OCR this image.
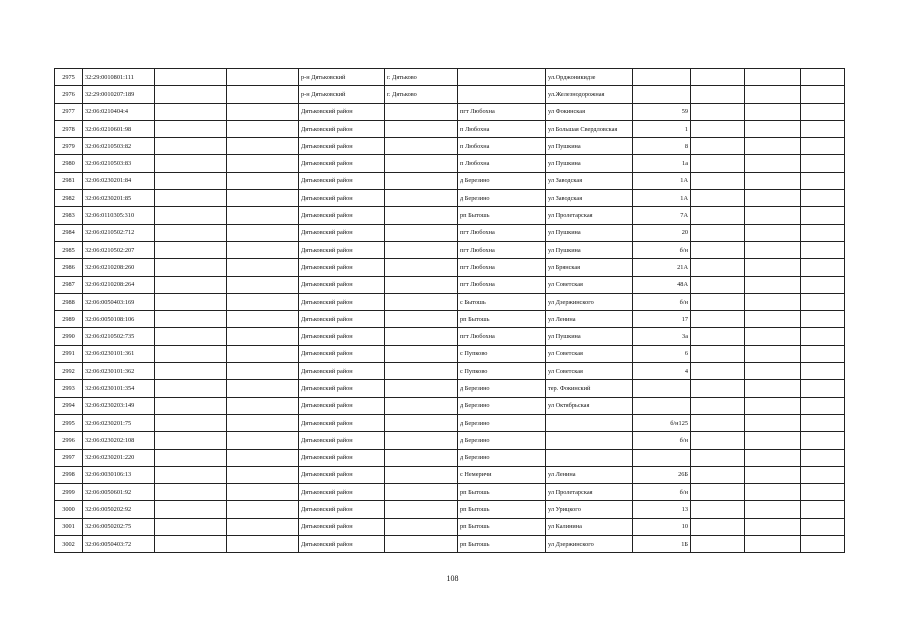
2975	32:29:0010801:111			р-н Дятьковский	г. Дятьково		ул.Орджоникидзе				
2976	32:29:0010207:189			р-н Дятьковский	г. Дятьково		ул.Железнодорожная				
2977	32:06:0210404:4			Дятьковский район		пгт Любохна	ул Фокинская	59			
2978	32:06:0210601:98			Дятьковский район		п Любохна	ул Большая Свердловская	1			
2979	32:06:0210503:82			Дятьковский район		п Любохна	ул Пушкина	8			
2980	32:06:0210503:83			Дятьковский район		п Любохна	ул Пушкина	1а			
2981	32:06:0230201:84			Дятьковский район		д Березино	ул Заводская	1А			
2982	32:06:0230201:85			Дятьковский район		д Березино	ул Заводская	1А			
2983	32:06:0110305:310			Дятьковский район		рп Бытошь	ул Пролетарская	7А			
2984	32:06:0210502:712			Дятьковский район		пгт Любохна	ул Пушкина	20			
2985	32:06:0210502:207			Дятьковский район		пгт Любохна	ул Пушкина	б/н			
2986	32:06:0210208:260			Дятьковский район		пгт Любохна	ул Брянская	21А			
2987	32:06:0210208:264			Дятьковский район		пгт Любохна	ул Советская	48А			
2988	32:06:0050403:169			Дятьковский район		с Бытошь	ул Дзержинского	б/н			
2989	32:06:0050108:106			Дятьковский район		рп Бытошь	ул Ленина	17			
2990	32:06:0210502:735			Дятьковский район		пгт Любохна	ул Пушкина	3а			
2991	32:06:0230101:361			Дятьковский район		с Пупково	ул Советская	6			
2992	32:06:0230101:362			Дятьковский район		с Пупково	ул Советская	4			
2993	32:06:0230101:354			Дятьковский район		д Березино	тер. Фокинский				
2994	32:06:0230203:149			Дятьковский район		д Березино	ул Октябрьская				
2995	32:06:0230201:75			Дятьковский район		д Березино		б/н125			
2996	32:06:0230202:108			Дятьковский район		д Березино		б/н			
2997	32:06:0230201:220			Дятьковский район		д Березино					
2998	32:06:0030106:13			Дятьковский район		с Немеричи	ул Ленина	26Б			
2999	32:06:0050601:92			Дятьковский район		рп Бытошь	ул Пролетарская	б/н			
3000	32:06:0050202:92			Дятьковский район		рп Бытошь	ул Урицкого	13			
3001	32:06:0050202:75			Дятьковский район		рп Бытошь	ул Калинина	10			
3002	32:06:0050403:72			Дятьковский район		рп Бытошь	ул Дзержинского	1Б			
108
